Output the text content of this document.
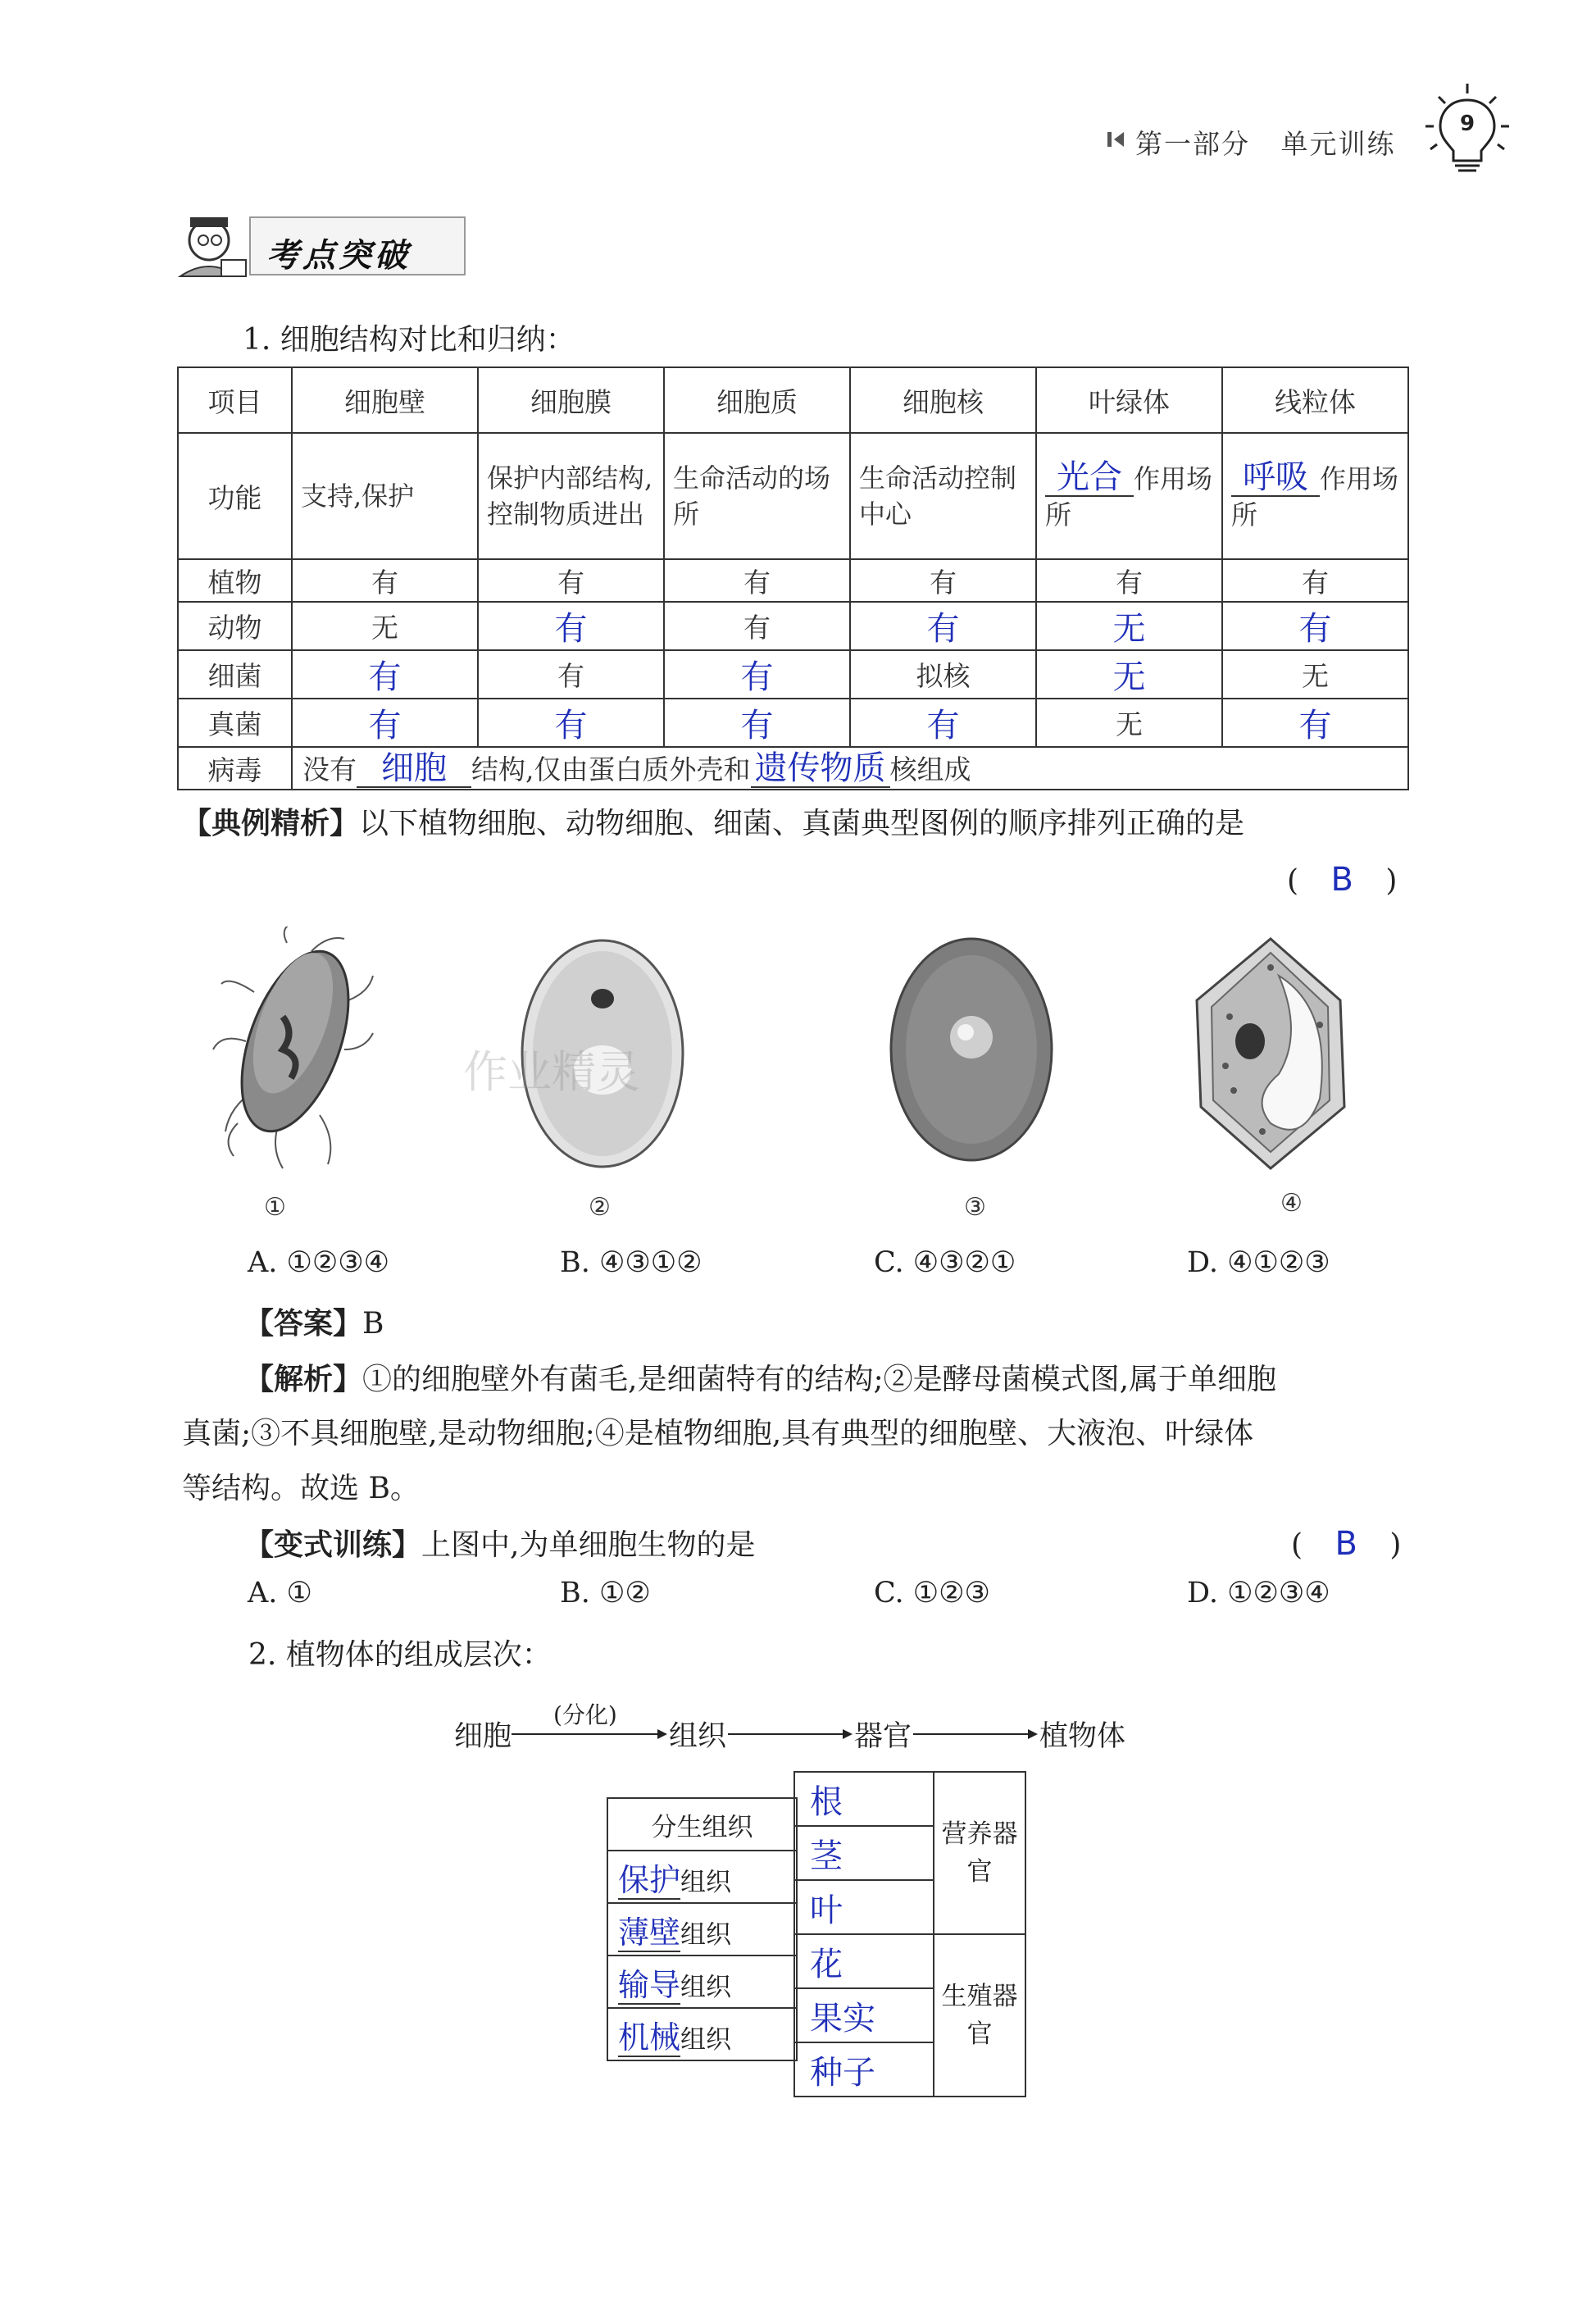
第一部分 单元训练
9
考点突破
1. 细胞结构对比和归纳：
项目	细胞壁	细胞膜	细胞质	细胞核	叶绿体	线粒体
功能	支持,保护	保护内部结构,控制物质进出	生命活动的场所	生命活动控制中心	光合 作用场所	呼吸 作用场所
植物	有	有	有	有	有	有
动物	无	有	有	有	无	有
细菌	有	有	有	拟核	无	无
真菌	有	有	有	有	无	有
病毒	没有 细胞 结构,仅由蛋白质外壳和 遗传物质 核组成					
【典例精析】以下植物细胞、动物细胞、细菌、真菌典型图例的顺序排列正确的是
( B )
作业精灵
①	②	③	④
A. ①②③④	B. ④③①②	C. ④③②①	D. ④①②③
【答案】B
【解析】①的细胞壁外有菌毛,是细菌特有的结构;②是酵母菌模式图,属于单细胞
真菌;③不具细胞壁,是动物细胞;④是植物细胞,具有典型的细胞壁、大液泡、叶绿体
等结构。故选 B。
【变式训练】上图中,为单细胞生物的是	( B )
A. ①	B. ①②	C. ①②③	D. ①②③④
2. 植物体的组成层次：
细胞
(分化)
组织	器官	植物体
分生组织
保护组织
薄壁组织
输导组织
机械组织
根	营养器官

茎	
叶	
花	生殖器官

果实	
种子	
